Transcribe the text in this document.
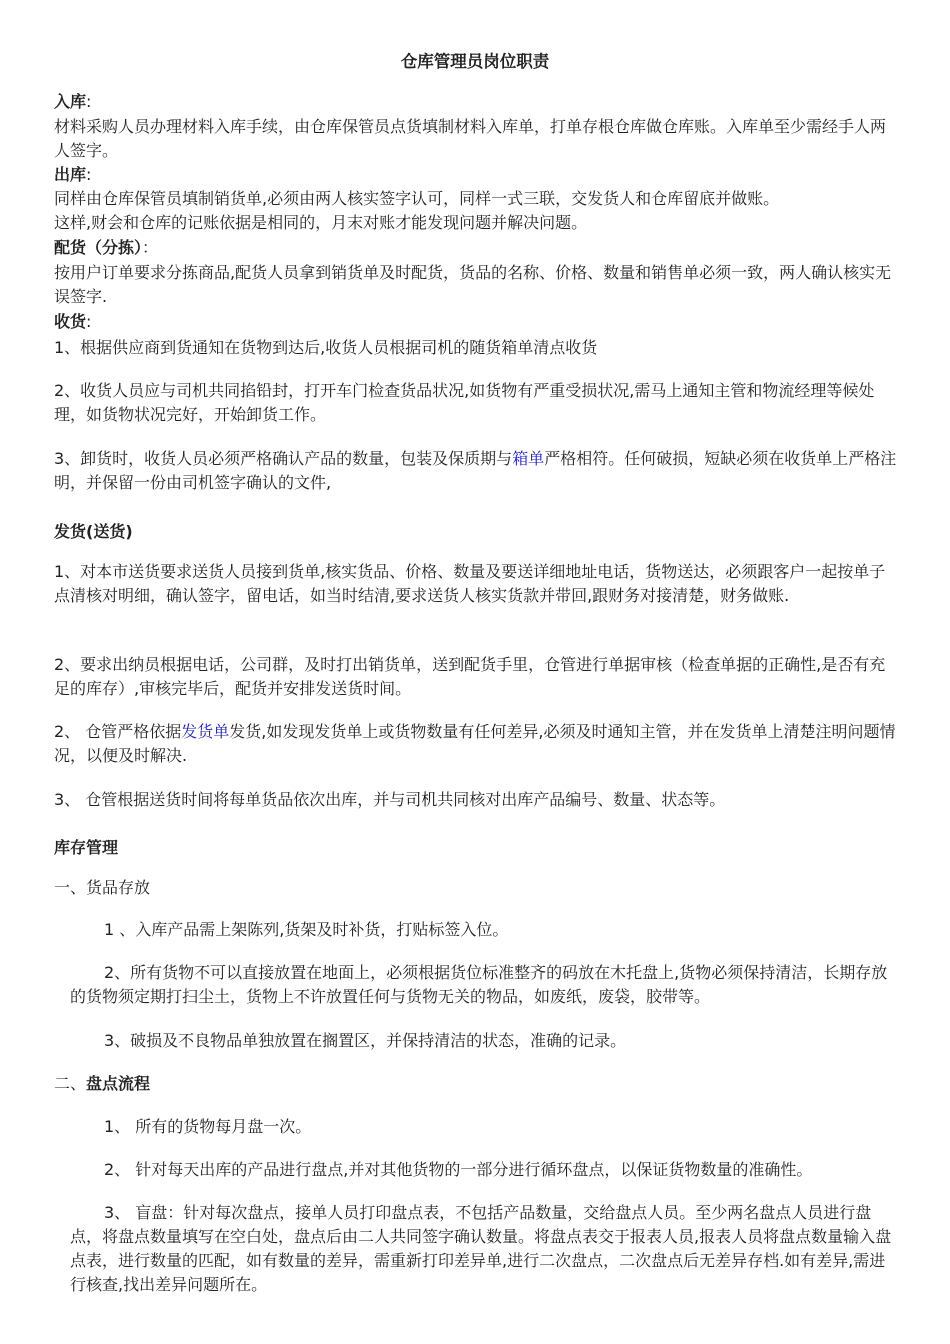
仓库管理员岗位职责

入库:

材料采购人员办理材料入库手续，由仓库保管员点货填制材料入库单，打单存根仓库做仓库账。入库单至少需经手人两人签字。

出库:

同样由仓库保管员填制销货单,必须由两人核实签字认可，同样一式三联，交发货人和仓库留底并做账。

这样,财会和仓库的记账依据是相同的，月末对账才能发现问题并解决问题。

配货（分拣）：

按用户订单要求分拣商品,配货人员拿到销货单及时配货，货品的名称、价格、数量和销售单必须一致，两人确认核实无误签字.

收货:

1、根据供应商到货通知在货物到达后,收货人员根据司机的随货箱单清点收货

2、收货人员应与司机共同掐铅封，打开车门检查货品状况,如货物有严重受损状况,需马上通知主管和物流经理等候处理，如货物状况完好，开始卸货工作。

3、卸货时，收货人员必须严格确认产品的数量，包装及保质期与箱单严格相符。任何破损，短缺必须在收货单上严格注明，并保留一份由司机签字确认的文件,

发货(送货)

1、对本市送货要求送货人员接到货单,核实货品、价格、数量及要送详细地址电话，货物送达，必须跟客户一起按单子点清核对明细，确认签字，留电话，如当时结清,要求送货人核实货款并带回,跟财务对接清楚，财务做账.

2、要求出纳员根据电话，公司群，及时打出销货单，送到配货手里，仓管进行单据审核（检查单据的正确性,是否有充足的库存）,审核完毕后，配货并安排发送货时间。

2、 仓管严格依据发货单发货,如发现发货单上或货物数量有任何差异,必须及时通知主管，并在发货单上清楚注明问题情况，以便及时解决.

3、 仓管根据送货时间将每单货品依次出库，并与司机共同核对出库产品编号、数量、状态等。

库存管理

一、货品存放

1 、入库产品需上架陈列,货架及时补货，打贴标签入位。

2、所有货物不可以直接放置在地面上，必须根据货位标准整齐的码放在木托盘上,货物必须保持清洁，长期存放的货物须定期打扫尘土，货物上不许放置任何与货物无关的物品，如废纸，废袋，胶带等。

3、破损及不良物品单独放置在搁置区，并保持清洁的状态，准确的记录。

二、盘点流程

1、 所有的货物每月盘一次。

2、 针对每天出库的产品进行盘点,并对其他货物的一部分进行循环盘点，以保证货物数量的准确性。

3、 盲盘：针对每次盘点，接单人员打印盘点表，不包括产品数量，交给盘点人员。至少两名盘点人员进行盘点，将盘点数量填写在空白处，盘点后由二人共同签字确认数量。将盘点表交于报表人员,报表人员将盘点数量输入盘点表，进行数量的匹配，如有数量的差异，需重新打印差异单,进行二次盘点，二次盘点后无差异存档.如有差异,需进行核查,找出差异问题所在。
